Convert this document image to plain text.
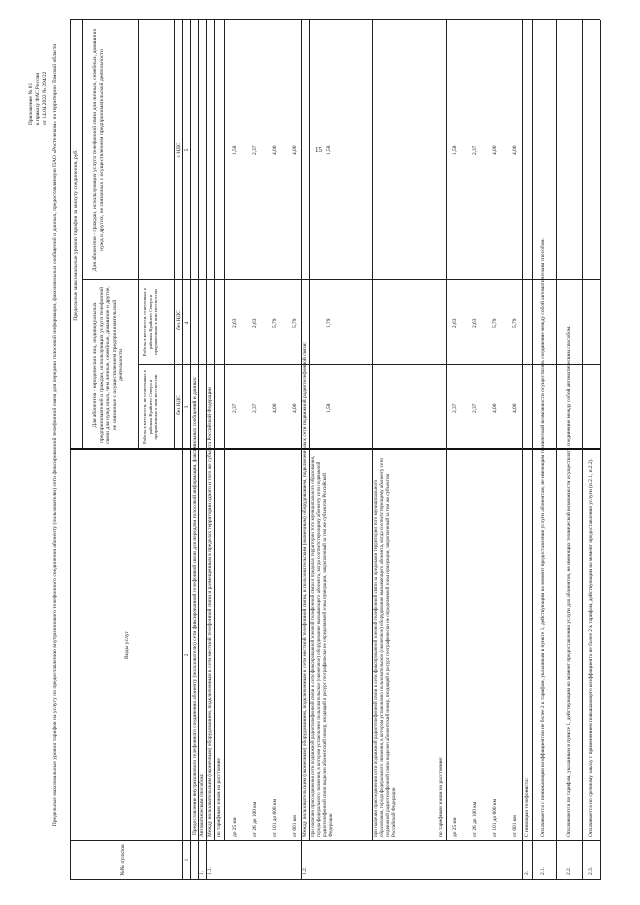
15
Приложение № 61 к приказу ФАС России от 14.04.2022 № 294/22 Предельные максимальные уровни тарифов на услугу по предоставлению внутризонового телефонного соединения абоненту (пользователю) сети фиксированной телефонной связи для передачи голосовой информации, факсимильных сообщений и данных, предоставляемую ПАО «Ростелеком» на территории Томской области
№№ пунктов
Виды услуг
Предельные максимальные уровни тарифов за минуту соединения, руб.
Для абонентов - юридических лиц, индивидуальных предпринимателей и граждан, использующих услуги телефонной связи для нужд иных, чем личные, семейные, домашние и другие, не связанные с осуществлением предпринимательской деятельности
Работы в местности, не отнесенных к районам Крайнего Севера и приравненных к ним местностям
Работы в местности, отнесенных к районам Крайнего Севера и приравненным к ним местностям
Для абонентов - граждан, использующих услуги телефонной связи для личных, семейных, домашних нужд и других, не связанных с осуществлением предпринимательской деятельности
без НДС
без НДС
с НДС
1
2
3
4
5
Предоставление внутризонового телефонного соединения абоненту (пользователю) сети фиксированной телефонной связи для передачи голосовой информации, факсимильных сообщений и данных:
1.
Автоматическим способом:
1.1.
Между пользовательским (оконечным) оборудованием, подключенным к сети местной телефонной связи и размещенным в пределах территории одного и того же субъекта Российской Федерации по тарифным зонам на расстояние до 25 км
2,37
2,63
1,58
от 26 до 100 км
2,37
2,63
2,37
от 101 до 600 км
4,00
5,79
4,00
от 601 км
4,00
5,79
4,00
1.2.
Между пользовательским (оконечным) оборудованием, подключенным к сети местной телефонной связи, и пользовательским (оконечным) оборудованием, подключенным к сети подвижной радиотелефонной связи: при наличии присоединения сети подвижной радиотелефонной связи к сети фиксированной зоновой телефонной связи в пределах территории того муниципального образования, города федерального значения, в котором установлено пользовательское (оконечное) оборудование вызывающего абонента, когда соответствующему абоненту сети подвижной радиотелефонной связи выделен абонентский номер, входящий в ресурс географически не определяемой зоны нумерации, закрепленный за тем же субъектом Российской Федерации
1,58
1,79
1,58
при наличии присоединения сети подвижной радиотелефонной связи к сети фиксированной зоновой телефонной связи за пределами территории того муниципального образования, города федерального значения, в котором установлено пользовательское (оконечное) оборудование вызывающего абонента, когда соответствующему абоненту сети подвижной радиотелефонной связи выделен абонентский номер, входящий в ресурс географически не определяемой зоны нумерации, закрепленный за тем же субъектом Российской Федерации	по тарифным зонам на расстояние: до 25 км
2,37
2,63
1,58
от 26 до 100 км
2,37
2,63
2,37
от 101 до 600 км
4,00
5,79
4,00
от 601 км
4,00
5,79
4,00
2.
С помощью телефониста:
2.1.
Оплачивается с понижающим коэффициентом не более 2 к тарифам, указанным в пункте 1, действующим на момент предоставления услуги абонентам, не имеющим технической возможности осуществлять соединение между собой автоматическим способом.
2.2.
Оплачиваются по тарифам, указанным в пункте 1, действующим на момент предоставления услуги для абонентов, не имеющих технической возможности осуществлять соединение между собой автоматическим способом.
2.3.
Оплачивается по срочному заказу с применением повышающего коэффициента не более 2 к тарифам, действующим на момент предоставления услуги (п.2.1, п.2.2).
